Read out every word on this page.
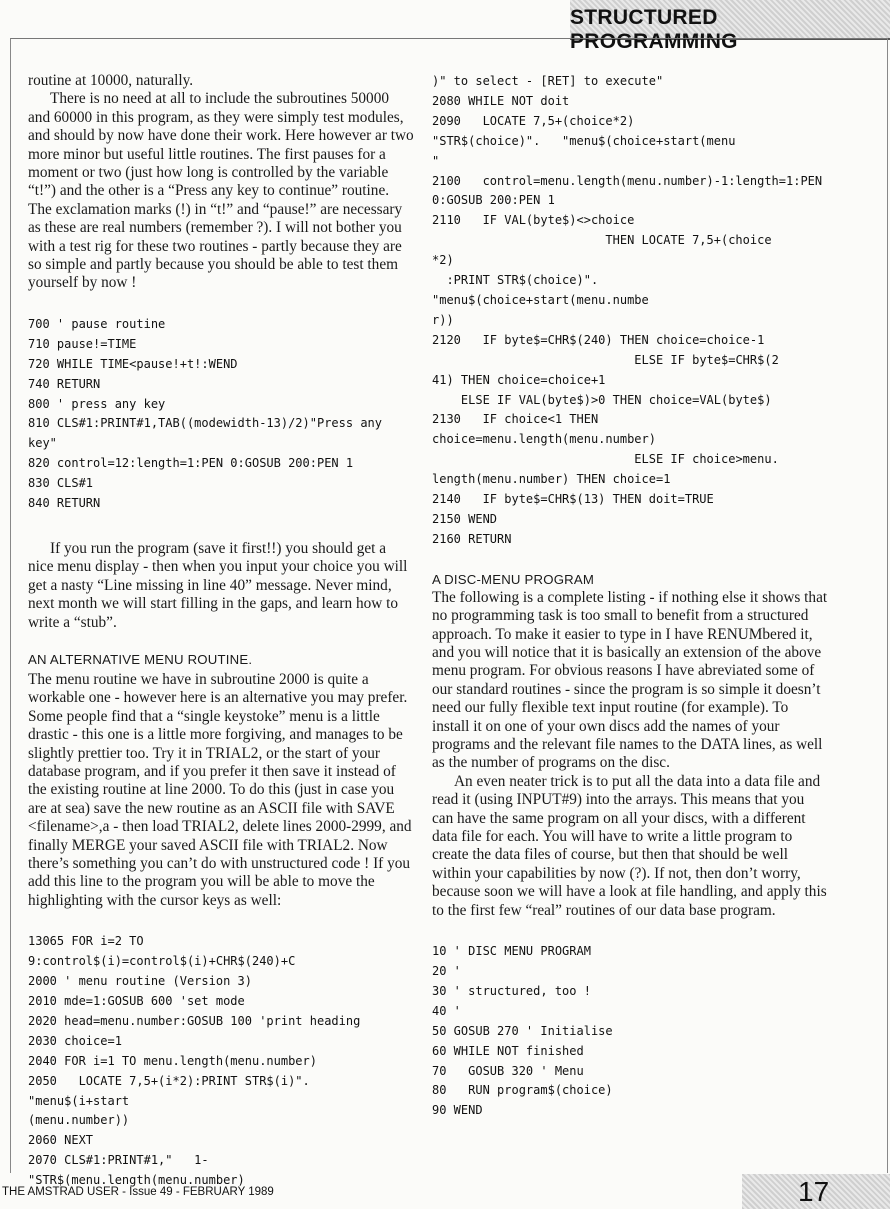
STRUCTURED PROGRAMMING

routine at 10000, naturally.

There is no need at all to include the subroutines 50000 and 60000 in this program, as they were simply test modules, and should by now have done their work. Here however ar two more minor but useful little routines. The first pauses for a moment or two (just how long is controlled by the variable “t!”) and the other is a “Press any key to continue” routine. The exclamation marks (!) in “t!” and “pause!” are necessary as these are real numbers (remember ?). I will not bother you with a test rig for these two routines - partly because they are so simple and partly because you should be able to test them yourself by now !

700 ' pause routine
710 pause!=TIME
720 WHILE TIME<pause!+t!:WEND
740 RETURN
800 ' press any key
810 CLS#1:PRINT#1,TAB((modewidth-13)/2)"Press any key"
820 control=12:length=1:PEN 0:GOSUB 200:PEN 1
830 CLS#1
840 RETURN

If you run the program (save it first!!) you should get a nice menu display - then when you input your choice you will get a nasty “Line missing in line 40” message. Never mind, next month we will start filling in the gaps, and learn how to write a “stub”.

AN ALTERNATIVE MENU ROUTINE.

The menu routine we have in subroutine 2000 is quite a workable one - however here is an alternative you may prefer. Some people find that a “single keystoke” menu is a little drastic - this one is a little more forgiving, and manages to be slightly prettier too. Try it in TRIAL2, or the start of your database program, and if you prefer it then save it instead of the existing routine at line 2000. To do this (just in case you are at sea) save the new routine as an ASCII file with SAVE <filename>,a - then load TRIAL2, delete lines 2000-2999, and finally MERGE your saved ASCII file with TRIAL2. Now there’s something you can’t do with unstructured code ! If you add this line to the program you will be able to move the highlighting with the cursor keys as well:

13065 FOR i=2 TO 9:control$(i)=control$(i)+CHR$(240)+C
2000 ' menu routine (Version 3)
2010 mde=1:GOSUB 600 'set mode
2020 head=menu.number:GOSUB 100 'print heading
2030 choice=1
2040 FOR i=1 TO menu.length(menu.number)
2050   LOCATE 7,5+(i*2):PRINT STR$(i)".   "menu$(i+start
(menu.number))
2060 NEXT
2070 CLS#1:PRINT#1,"   1-"STR$(menu.length(menu.number)
)" to select - [RET] to execute"
2080 WHILE NOT doit
2090   LOCATE 7,5+(choice*2)
"STR$(choice)".   "menu$(choice+start(menu
"
2100   control=menu.length(menu.number)-1:length=1:PEN
0:GOSUB 200:PEN 1
2110   IF VAL(byte$)<>choice
THEN LOCATE 7,5+(choice
*2)
:PRINT STR$(choice)".   "menu$(choice+start(menu.numbe
r))
2120   IF byte$=CHR$(240) THEN choice=choice-1
ELSE IF byte$=CHR$(2
41) THEN choice=choice+1
ELSE IF VAL(byte$)>0 THEN choice=VAL(byte$)
2130   IF choice<1 THEN choice=menu.length(menu.number)
ELSE IF choice>menu.
length(menu.number) THEN choice=1
2140   IF byte$=CHR$(13) THEN doit=TRUE
2150 WEND
2160 RETURN
A DISC-MENU PROGRAM

The following is a complete listing - if nothing else it shows that no programming task is too small to benefit from a structured approach. To make it easier to type in I have RENUMbered it, and you will notice that it is basically an extension of the above menu program. For obvious reasons I have abreviated some of our standard routines - since the program is so simple it doesn’t need our fully flexible text input routine (for example). To install it on one of your own discs add the names of your programs and the relevant file names to the DATA lines, as well as the number of programs on the disc.

An even neater trick is to put all the data into a data file and read it (using INPUT#9) into the arrays. This means that you can have the same program on all your discs, with a different data file for each. You will have to write a little program to create the data files of course, but then that should be well within your capabilities by now (?). If not, then don’t worry, because soon we will have a look at file handling, and apply this to the first few “real” routines of our data base program.

10 ' DISC MENU PROGRAM
20 '
30 ' structured, too !
40 '
50 GOSUB 270 ' Initialise
60 WHILE NOT finished
70   GOSUB 320 ' Menu
80   RUN program$(choice)
90 WEND
THE AMSTRAD USER - Issue 49 - FEBRUARY 1989	17
